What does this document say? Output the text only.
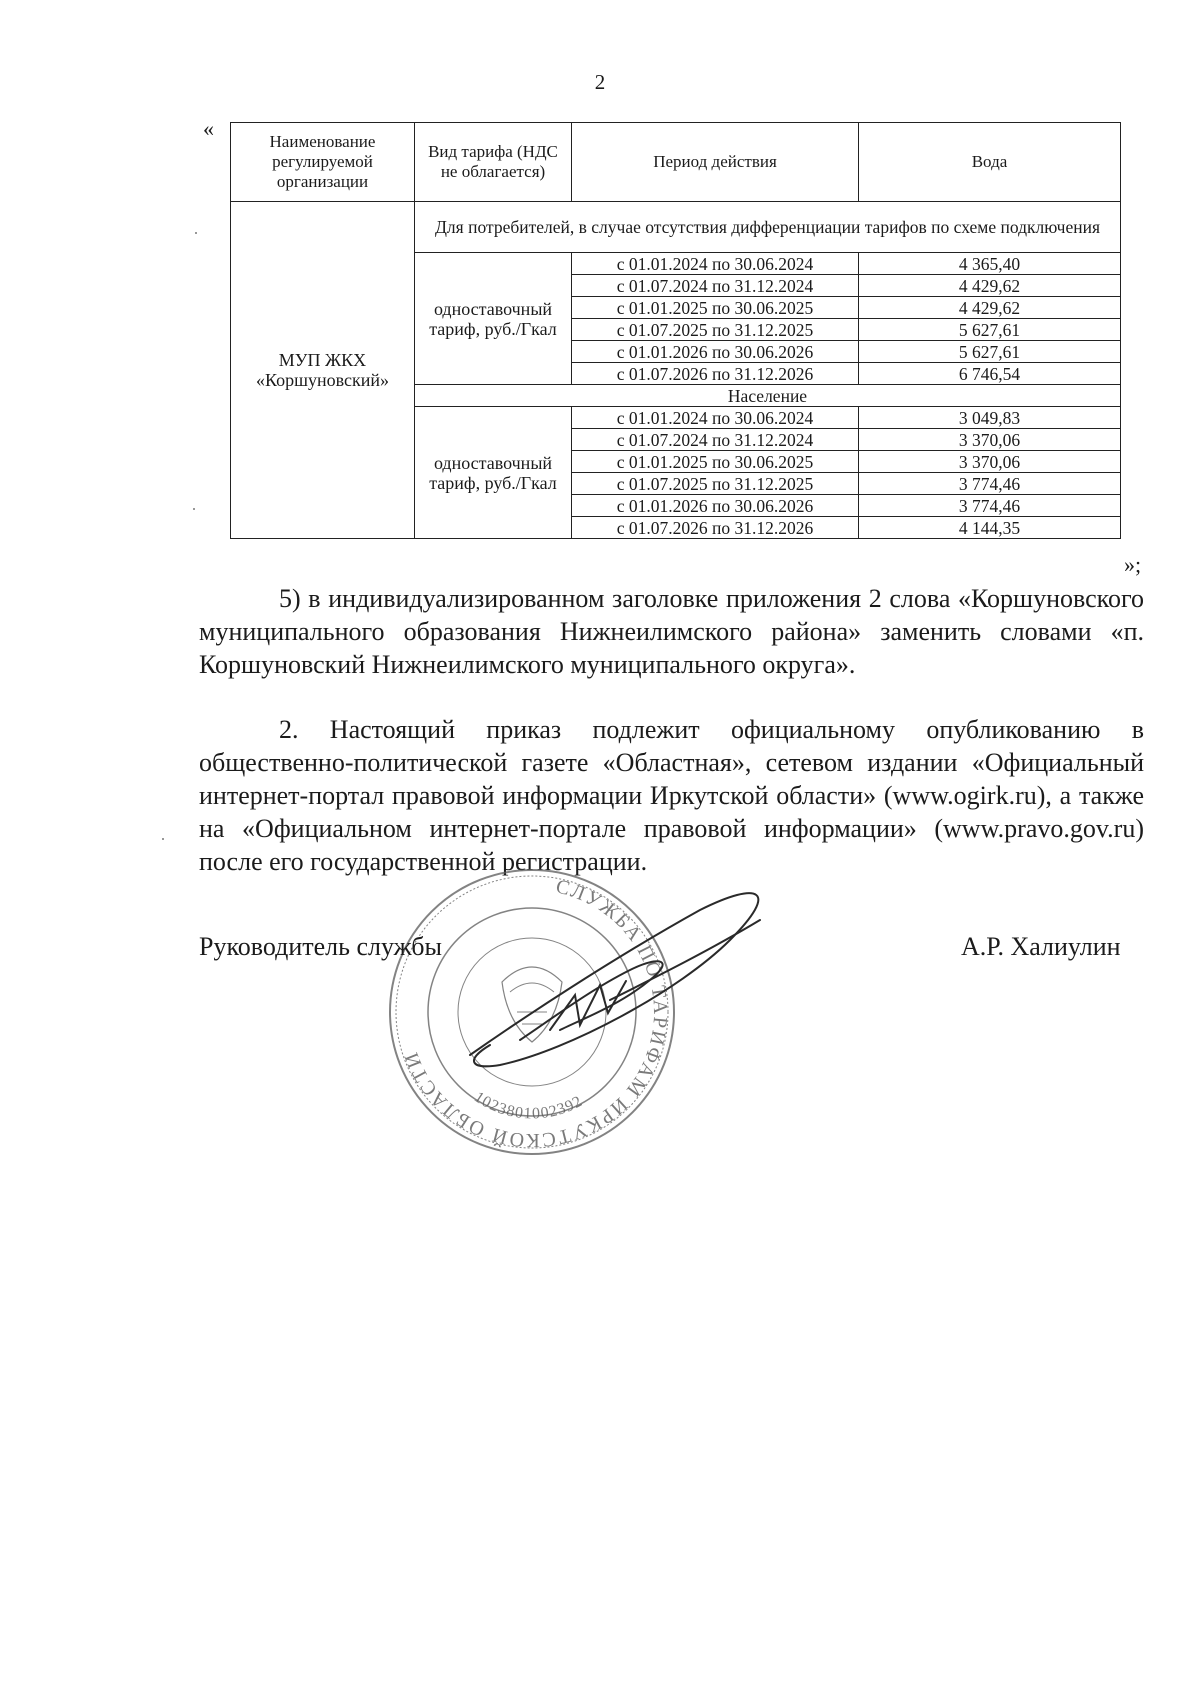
2
«
Наименование регулируемой организации	Вид тарифа (НДС не облагается)	Период действия	Вода
МУП ЖКХ «Коршуновский»	Для потребителей, в случае отсутствия дифференциации тарифов по схеме подключения		
	одноставочный тариф, руб./Гкал	с 01.01.2024 по 30.06.2024	4 365,40
		с 01.07.2024 по 31.12.2024	4 429,62
		с 01.01.2025 по 30.06.2025	4 429,62
		с 01.07.2025 по 31.12.2025	5 627,61
		с 01.01.2026 по 30.06.2026	5 627,61
		с 01.07.2026 по 31.12.2026	6 746,54
	Население		
	одноставочный тариф, руб./Гкал	с 01.01.2024 по 30.06.2024	3 049,83
		с 01.07.2024 по 31.12.2024	3 370,06
		с 01.01.2025 по 30.06.2025	3 370,06
		с 01.07.2025 по 31.12.2025	3 774,46
		с 01.01.2026 по 30.06.2026	3 774,46
		с 01.07.2026 по 31.12.2026	4 144,35
»;

5) в индивидуализированном заголовке приложения 2 слова «Коршуновского муниципального образования Нижнеилимского района» заменить словами «п. Коршуновский Нижнеилимского муниципального округа».

2. Настоящий приказ подлежит официальному опубликованию в общественно-политической газете «Областная», сетевом издании «Официальный интернет-портал правовой информации Иркутской области» (www.ogirk.ru), а также на «Официальном интернет-портале правовой информации» (www.pravo.gov.ru) после его государственной регистрации.

СЛУЖБА ПО ТАРИФАМ ИРКУТСКОЙ ОБЛАСТИ
1023801002392
Руководитель службы	А.Р. Халиулин
